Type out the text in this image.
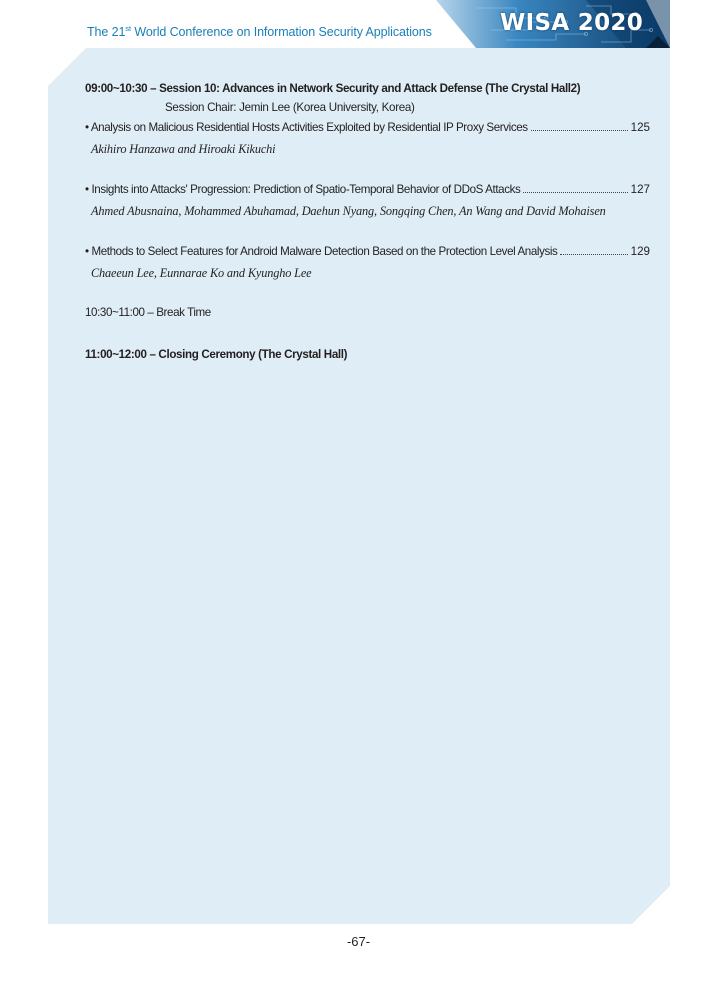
The 21st World Conference on Information Security Applications	WISA 2020

09:00~10:30 – Session 10: Advances in Network Security and Attack Defense (The Crystal Hall2)

Session Chair: Jemin Lee (Korea University, Korea)

• Analysis on Malicious Residential Hosts Activities Exploited by Residential IP Proxy Services	125
Akihiro Hanzawa and Hiroaki Kikuchi
• Insights into Attacks' Progression: Prediction of Spatio-Temporal Behavior of DDoS Attacks	127
Ahmed Abusnaina, Mohammed Abuhamad, Daehun Nyang, Songqing Chen, An Wang and David Mohaisen
• Methods to Select Features for Android Malware Detection Based on the Protection Level Analysis	129
Chaeeun Lee, Eunnarae Ko and Kyungho Lee

10:30~11:00 – Break Time

11:00~12:00 – Closing Ceremony (The Crystal Hall)

-67-
